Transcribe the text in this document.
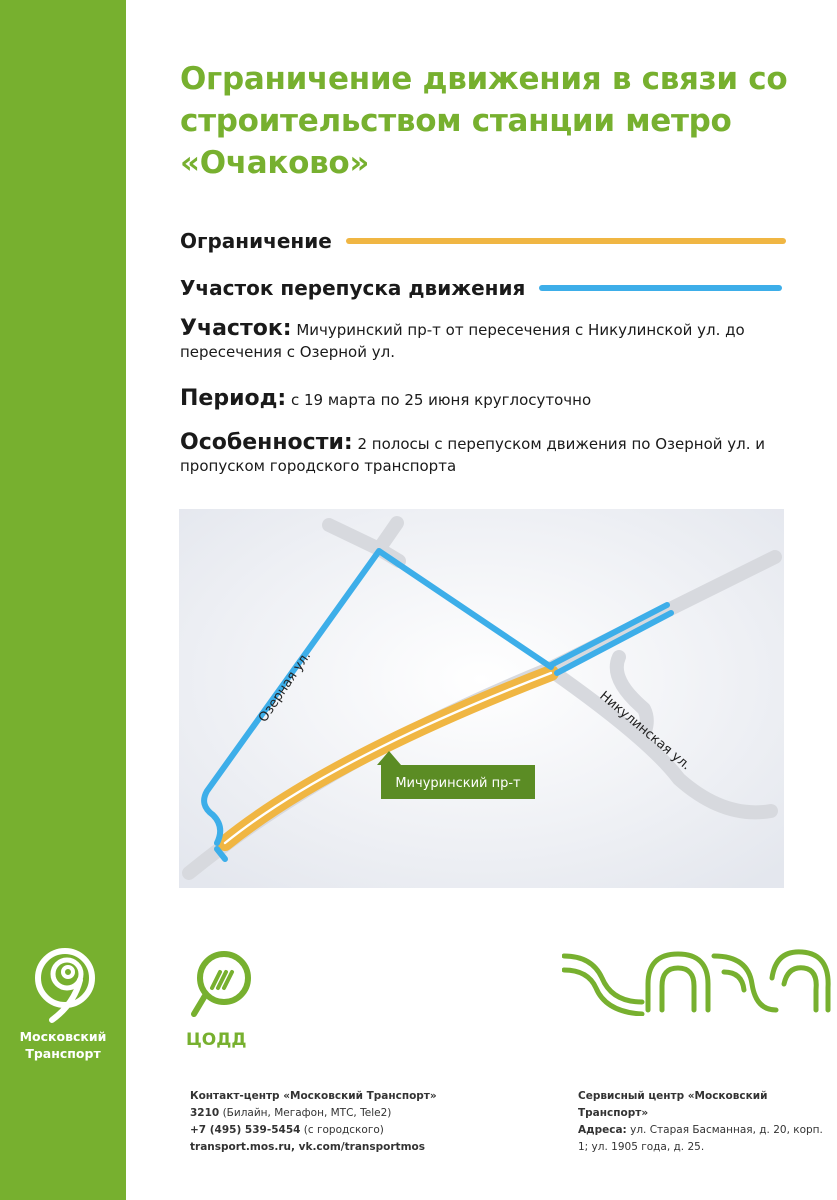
Московский
Транспорт
Ограничение движения в связи со
строительством станции метро
«Очаково»
Ограничение
Участок перепуска движения
Участок: Мичуринский пр-т от пересечения с Никулинской ул. до пересечения с Озерной ул.
Период: с 19 марта по 25 июня круглосуточно
Особенности: 2 полосы с перепуском движения по Озерной ул. и пропуском городского транспорта
Озерная ул.
Никулинская ул.
Мичуринский пр-т
ЦОДД
Контакт-центр «Московский Транспорт»
3210 (Билайн, Мегафон, МТС, Tele2)
+7 (495) 539-5454 (с городского)
transport.mos.ru, vk.com/transportmos
Сервисный центр «Московский Транспорт»
Адреса: ул. Старая Басманная, д. 20, корп. 1; ул. 1905 года, д. 25.
